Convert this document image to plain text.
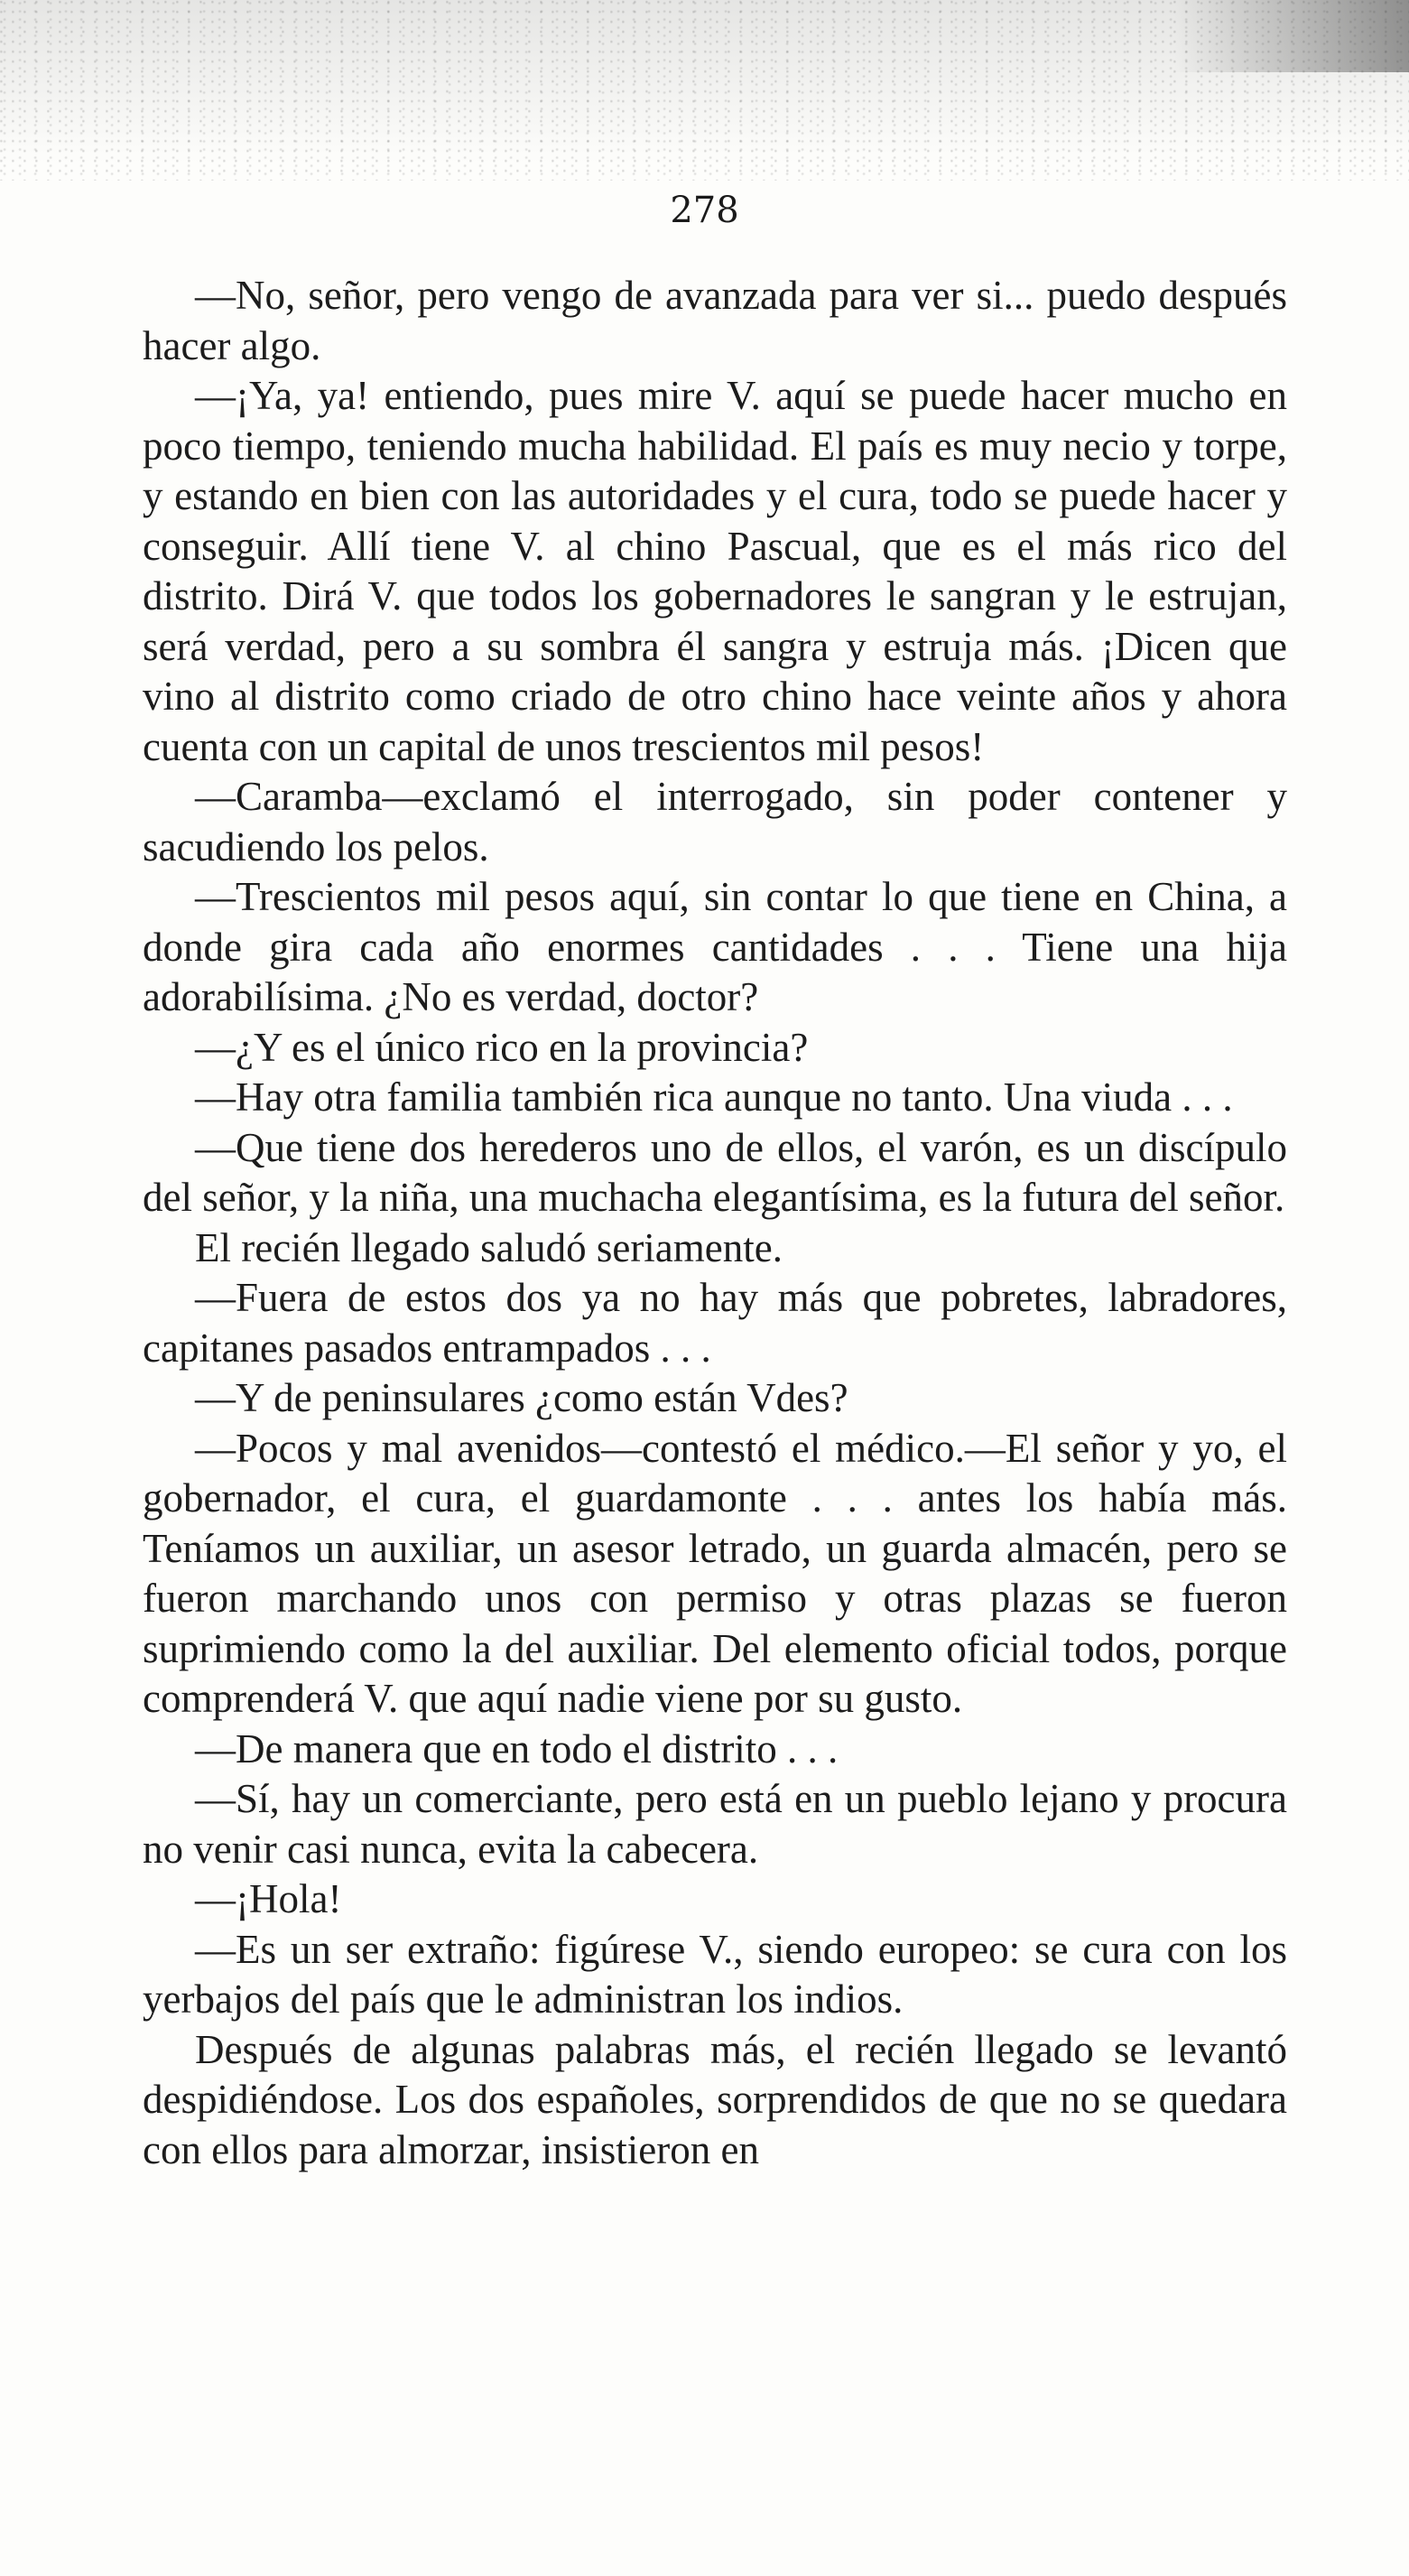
278

—No, señor, pero vengo de avanzada para ver si... puedo después hacer algo.

—¡Ya, ya! entiendo, pues mire V. aquí se puede hacer mucho en poco tiempo, teniendo mucha habilidad. El país es muy necio y torpe, y estando en bien con las autoridades y el cura, todo se puede hacer y conseguir. Allí tiene V. al chino Pascual, que es el más rico del distrito. Dirá V. que todos los gobernadores le sangran y le estrujan, será verdad, pero a su sombra él sangra y estruja más. ¡Dicen que vino al distrito como criado de otro chino hace veinte años y ahora cuenta con un capital de unos trescientos mil pesos!

—Caramba—exclamó el interrogado, sin poder contener y sacudiendo los pelos.

—Trescientos mil pesos aquí, sin contar lo que tiene en China, a donde gira cada año enormes cantidades . . . Tiene una hija adorabilísima. ¿No es verdad, doctor?

—¿Y es el único rico en la provincia?

—Hay otra familia también rica aunque no tanto. Una viuda . . .

—Que tiene dos herederos uno de ellos, el varón, es un discípulo del señor, y la niña, una muchacha elegantísima, es la futura del señor.

El recién llegado saludó seriamente.

—Fuera de estos dos ya no hay más que pobretes, labradores, capitanes pasados entrampados . . .

—Y de peninsulares ¿como están Vdes?

—Pocos y mal avenidos—contestó el médico.—El señor y yo, el gobernador, el cura, el guardamonte . . . antes los había más. Teníamos un auxiliar, un asesor letrado, un guarda almacén, pero se fueron marchando unos con permiso y otras plazas se fueron suprimiendo como la del auxiliar. Del elemento oficial todos, porque comprenderá V. que aquí nadie viene por su gusto.

—De manera que en todo el distrito . . .

—Sí, hay un comerciante, pero está en un pueblo lejano y procura no venir casi nunca, evita la cabecera.

—¡Hola!

—Es un ser extraño: figúrese V., siendo europeo: se cura con los yerbajos del país que le administran los indios.

Después de algunas palabras más, el recién llegado se levantó despidiéndose. Los dos españoles, sorprendidos de que no se quedara con ellos para almorzar, insistieron en
